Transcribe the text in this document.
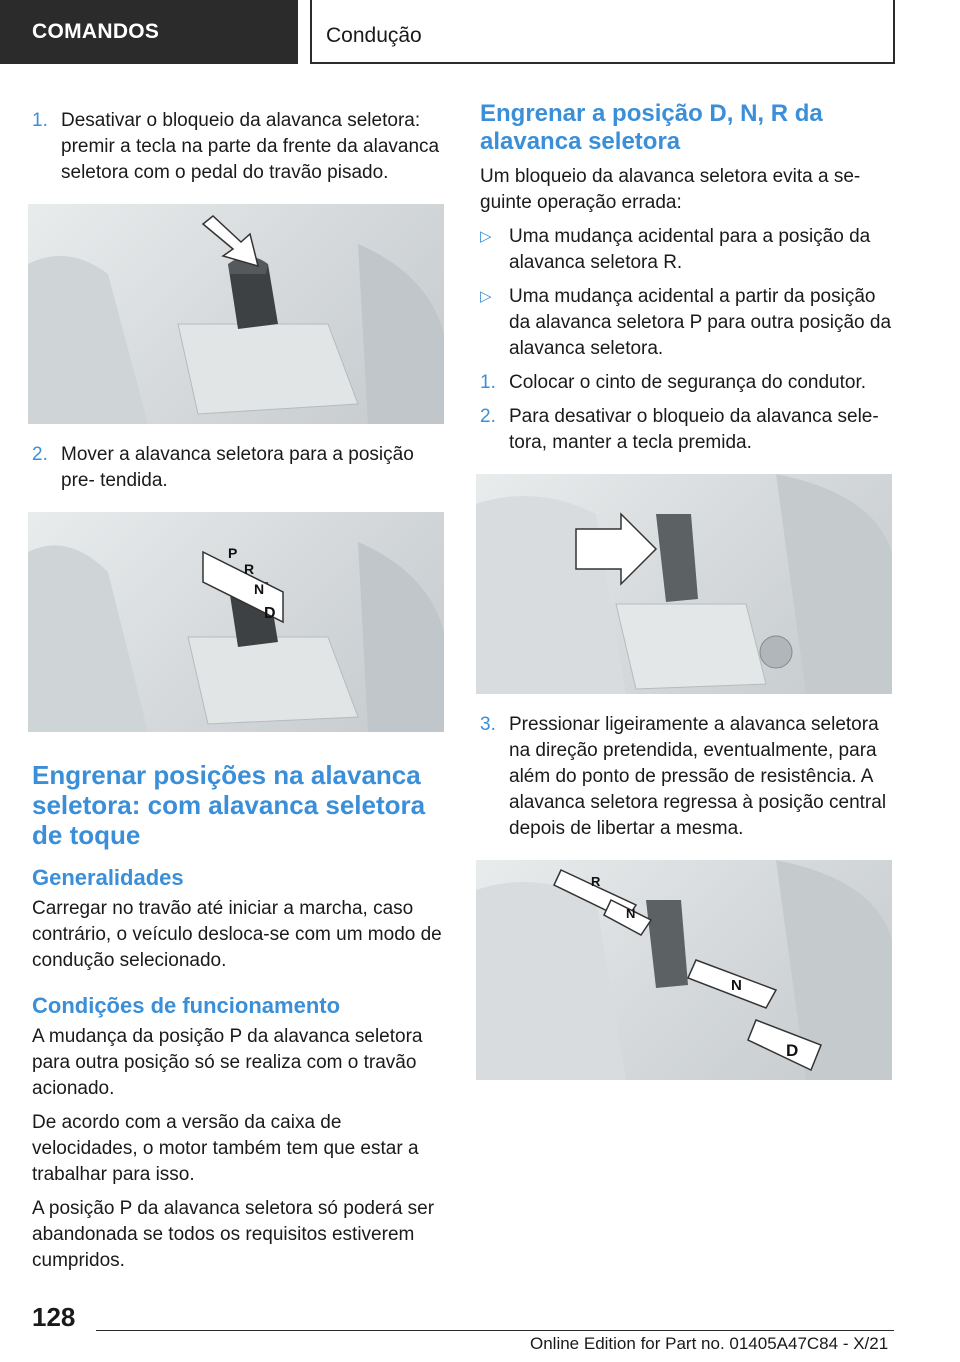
COMANDOS	Condução
1. Desativar o bloqueio da alavanca seletora: premir a tecla na parte da frente da alavanca seletora com o pedal do travão pisado.
2. Mover a alavanca seletora para a posição pre- tendida.
P
R
N
D
Engrenar posições na alavanca seletora: com alavanca seletora de toque
Generalidades

Carregar no travão até iniciar a marcha, caso contrário, o veículo desloca-se com um modo de condução selecionado.

Condições de funcionamento

A mudança da posição P da alavanca seletora para outra posição só se realiza com o travão acionado.

De acordo com a versão da caixa de velocidades, o motor também tem que estar a trabalhar para isso.

A posição P da alavanca seletora só poderá ser abandonada se todos os requisitos estiverem cumpridos.

Engrenar a posição D, N, R da alavanca seletora

Um bloqueio da alavanca seletora evita a se- guinte operação errada:

▷ Uma mudança acidental para a posição da alavanca seletora R.
▷ Uma mudança acidental a partir da posição da alavanca seletora P para outra posição da alavanca seletora.
1. Colocar o cinto de segurança do condutor.
2. Para desativar o bloqueio da alavanca sele- tora, manter a tecla premida.
3. Pressionar ligeiramente a alavanca seletora na direção pretendida, eventualmente, para além do ponto de pressão de resistência. A alavanca seletora regressa à posição central depois de libertar a mesma.
R
N
N
D
128
Online Edition for Part no. 01405A47C84 - X/21
